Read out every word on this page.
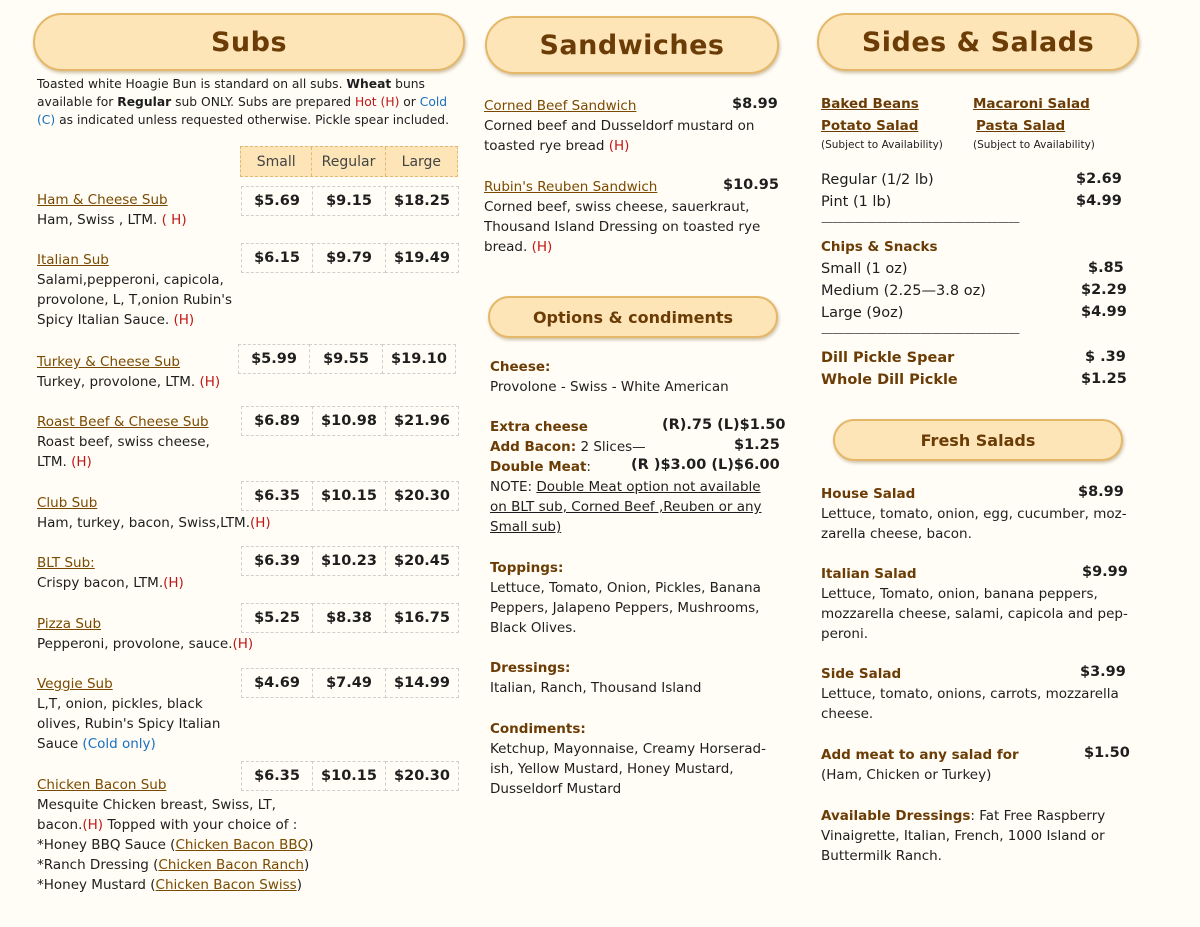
Subs
Toasted white Hoagie Bun is standard on all subs. Wheat buns
available for Regular sub ONLY. Subs are prepared Hot (H) or Cold
(C) as indicated unless requested otherwise. Pickle spear included.
Small	Regular	Large
Ham & Cheese Sub
Ham, Swiss , LTM. ( H)
$5.69	$9.15	$18.25
Italian Sub
Salami,pepperoni, capicola,
provolone, L, T,onion Rubin's
Spicy Italian Sauce. (H)
$6.15	$9.79	$19.49
Turkey & Cheese Sub
Turkey, provolone, LTM. (H)
$5.99	$9.55	$19.10
Roast Beef & Cheese Sub
Roast beef, swiss cheese,
LTM. (H)
$6.89	$10.98	$21.96
Club Sub
Ham, turkey, bacon, Swiss,LTM.(H)
$6.35	$10.15	$20.30
BLT Sub:
Crispy bacon, LTM.(H)
$6.39	$10.23	$20.45
Pizza Sub
Pepperoni, provolone, sauce.(H)
$5.25	$8.38	$16.75
Veggie Sub
L,T, onion, pickles, black
olives, Rubin's Spicy Italian
Sauce (Cold only)
$4.69	$7.49	$14.99
Chicken Bacon Sub
Mesquite Chicken breast, Swiss, LT,
$6.35	$10.15	$20.30
bacon.(H) Topped with your choice of :
*Honey BBQ Sauce (Chicken Bacon BBQ)
*Ranch Dressing (Chicken Bacon Ranch)
*Honey Mustard (Chicken Bacon Swiss)
Sandwiches
Corned Beef Sandwich	$8.99
Corned beef and Dusseldorf mustard on
toasted rye bread (H)
Rubin's Reuben Sandwich	$10.95
Corned beef, swiss cheese, sauerkraut,
Thousand Island Dressing on toasted rye
bread. (H)
Options & condiments
Cheese:
Provolone - Swiss - White American
Extra cheese	(R).75 (L)$1.50
Add Bacon: 2 Slices—	$1.25
Double Meat:	(R )$3.00 (L)$6.00
NOTE: Double Meat option not available
on BLT sub, Corned Beef ,Reuben or any
Small sub)
Toppings:
Lettuce, Tomato, Onion, Pickles, Banana
Peppers, Jalapeno Peppers, Mushrooms,
Black Olives.
Dressings:
Italian, Ranch, Thousand Island
Condiments:
Ketchup, Mayonnaise, Creamy Horserad-
ish, Yellow Mustard, Honey Mustard,
Dusseldorf Mustard
Sides & Salads
Baked Beans
Potato Salad
(Subject to Availability)
Macaroni Salad
Pasta Salad
(Subject to Availability)
Regular (1/2 lb)	$2.69
Pint (1 lb)	$4.99
——————————————————
Chips & Snacks
Small (1 oz)	$.85
Medium (2.25—3.8 oz)	$2.29
Large (9oz)	$4.99
——————————————————
Dill Pickle Spear	$ .39
Whole Dill Pickle	$1.25
Fresh Salads
House Salad	$8.99
Lettuce, tomato, onion, egg, cucumber, moz-
zarella cheese, bacon.
Italian Salad	$9.99
Lettuce, Tomato, onion, banana peppers,
mozzarella cheese, salami, capicola and pep-
peroni.
Side Salad	$3.99
Lettuce, tomato, onions, carrots, mozzarella
cheese.
Add meat to any salad for	$1.50
(Ham, Chicken or Turkey)
Available Dressings: Fat Free Raspberry
Vinaigrette, Italian, French, 1000 Island or
Buttermilk Ranch.
